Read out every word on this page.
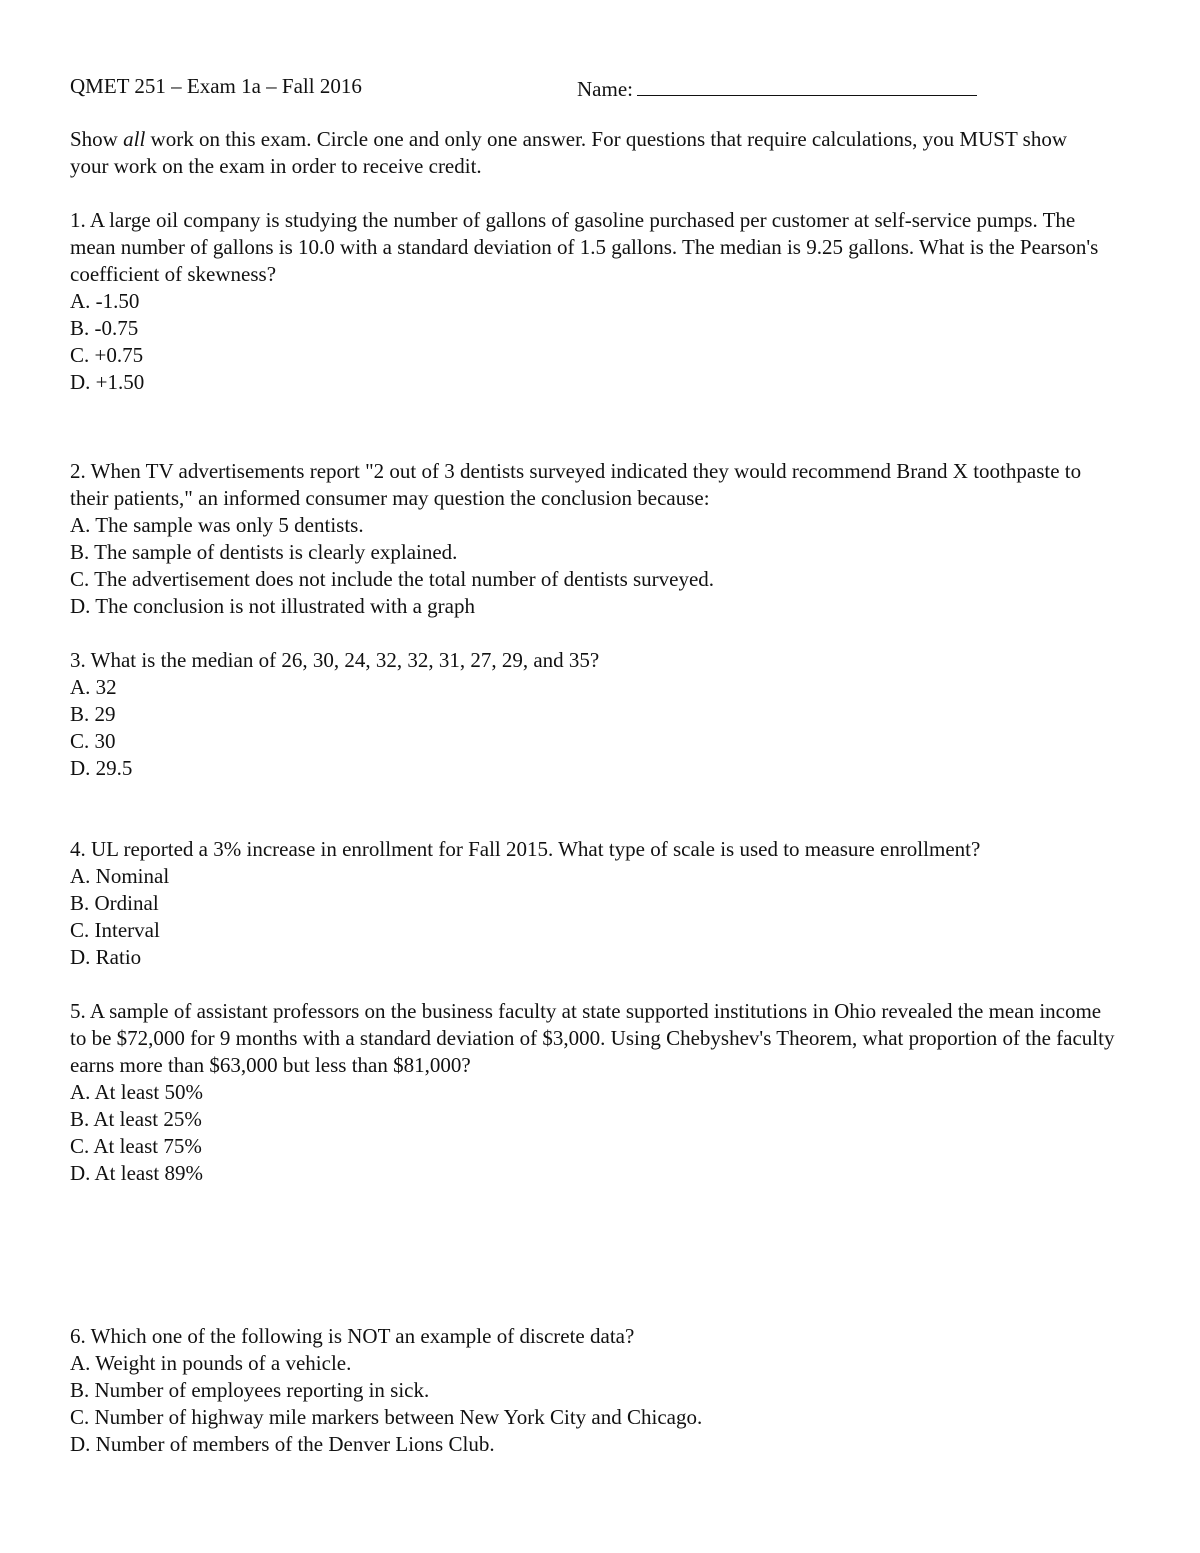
QMET 251 – Exam 1a – Fall 2016	Name:
Show all work on this exam. Circle one and only one answer. For questions that require calculations, you MUST show your work on the exam in order to receive credit.
1. A large oil company is studying the number of gallons of gasoline purchased per customer at self-service pumps. The mean number of gallons is 10.0 with a standard deviation of 1.5 gallons. The median is 9.25 gallons. What is the Pearson's coefficient of skewness?
A. -1.50
B. -0.75
C. +0.75
D. +1.50
2. When TV advertisements report "2 out of 3 dentists surveyed indicated they would recommend Brand X toothpaste to their patients," an informed consumer may question the conclusion because:
A. The sample was only 5 dentists.
B. The sample of dentists is clearly explained.
C. The advertisement does not include the total number of dentists surveyed.
D. The conclusion is not illustrated with a graph
3. What is the median of 26, 30, 24, 32, 32, 31, 27, 29, and 35?
A. 32
B. 29
C. 30
D. 29.5
4. UL reported a 3% increase in enrollment for Fall 2015. What type of scale is used to measure enrollment?
A. Nominal
B. Ordinal
C. Interval
D. Ratio
5. A sample of assistant professors on the business faculty at state supported institutions in Ohio revealed the mean income to be $72,000 for 9 months with a standard deviation of $3,000. Using Chebyshev's Theorem, what proportion of the faculty earns more than $63,000 but less than $81,000?
A. At least 50%
B. At least 25%
C. At least 75%
D. At least 89%
6. Which one of the following is NOT an example of discrete data?
A. Weight in pounds of a vehicle.
B. Number of employees reporting in sick.
C. Number of highway mile markers between New York City and Chicago.
D. Number of members of the Denver Lions Club.
